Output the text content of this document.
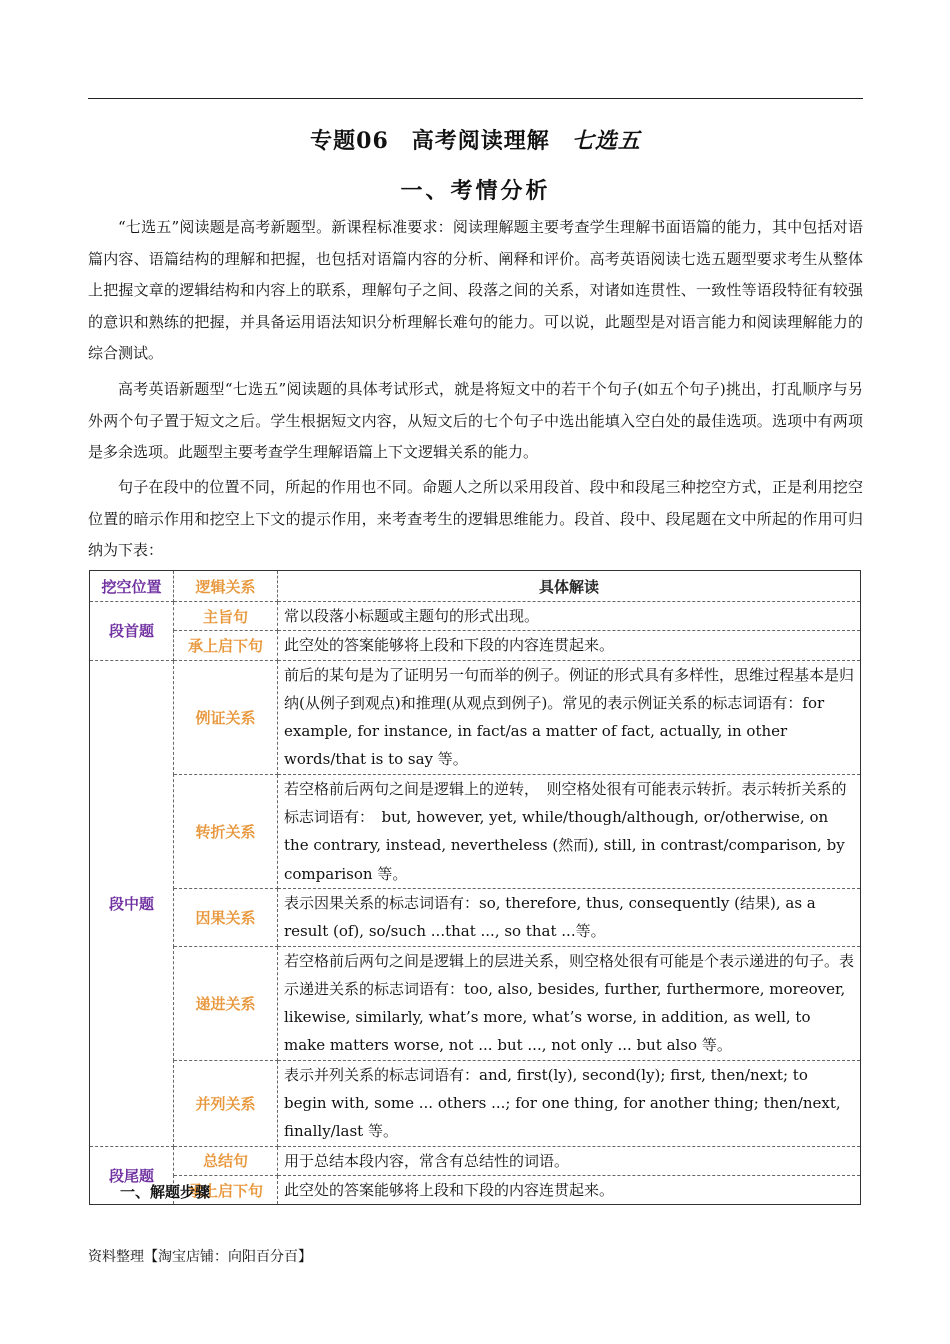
专题06　高考阅读理解 七选五
一、考情分析

“七选五”阅读题是高考新题型。新课程标准要求：阅读理解题主要考查学生理解书面语篇的能力，其中包括对语篇内容、语篇结构的理解和把握，也包括对语篇内容的分析、阐释和评价。高考英语阅读七选五题型要求考生从整体上把握文章的逻辑结构和内容上的联系，理解句子之间、段落之间的关系，对诸如连贯性、一致性等语段特征有较强的意识和熟练的把握，并具备运用语法知识分析理解长难句的能力。可以说，此题型是对语言能力和阅读理解能力的综合测试。

高考英语新题型“七选五”阅读题的具体考试形式，就是将短文中的若干个句子(如五个句子)挑出，打乱顺序与另外两个句子置于短文之后。学生根据短文内容，从短文后的七个句子中选出能填入空白处的最佳选项。选项中有两项是多余选项。此题型主要考查学生理解语篇上下文逻辑关系的能力。

句子在段中的位置不同，所起的作用也不同。命题人之所以采用段首、段中和段尾三种挖空方式，正是利用挖空位置的暗示作用和挖空上下文的提示作用，来考查考生的逻辑思维能力。段首、段中、段尾题在文中所起的作用可归纳为下表：

挖空位置	逻辑关系	具体解读
段首题	主旨句	常以段落小标题或主题句的形式出现。
	承上启下句	此空处的答案能够将上段和下段的内容连贯起来。
段中题	例证关系	前后的某句是为了证明另一句而举的例子。例证的形式具有多样性，思维过程基本是归纳(从例子到观点)和推理(从观点到例子)。常见的表示例证关系的标志词语有：for example, for instance, in fact/as a matter of fact, actually, in other words/that is to say 等。
	转折关系	若空格前后两句之间是逻辑上的逆转，　则空格处很有可能表示转折。表示转折关系的标志词语有：　but, however, yet, while/though/although, or/otherwise, on the contrary, instead, nevertheless (然而), still, in contrast/comparison, by comparison 等。
	因果关系	表示因果关系的标志词语有：so, therefore, thus, consequently (结果), as a result (of), so/such ...that ..., so that ...等。
	递进关系	若空格前后两句之间是逻辑上的层进关系，则空格处很有可能是个表示递进的句子。表示递进关系的标志词语有：too, also, besides, further, furthermore, moreover, likewise, similarly, what’s more, what’s worse, in addition, as well, to make matters worse, not ... but ..., not only ... but also 等。
	并列关系	表示并列关系的标志词语有：and, first(ly), second(ly); first, then/next; to begin with, some ... others ...; for one thing, for another thing; then/next, finally/last 等。
段尾题	总结句	用于总结本段内容，常含有总结性的词语。
	承上启下句	此空处的答案能够将上段和下段的内容连贯起来。
一、解题步骤
资料整理【淘宝店铺：向阳百分百】
